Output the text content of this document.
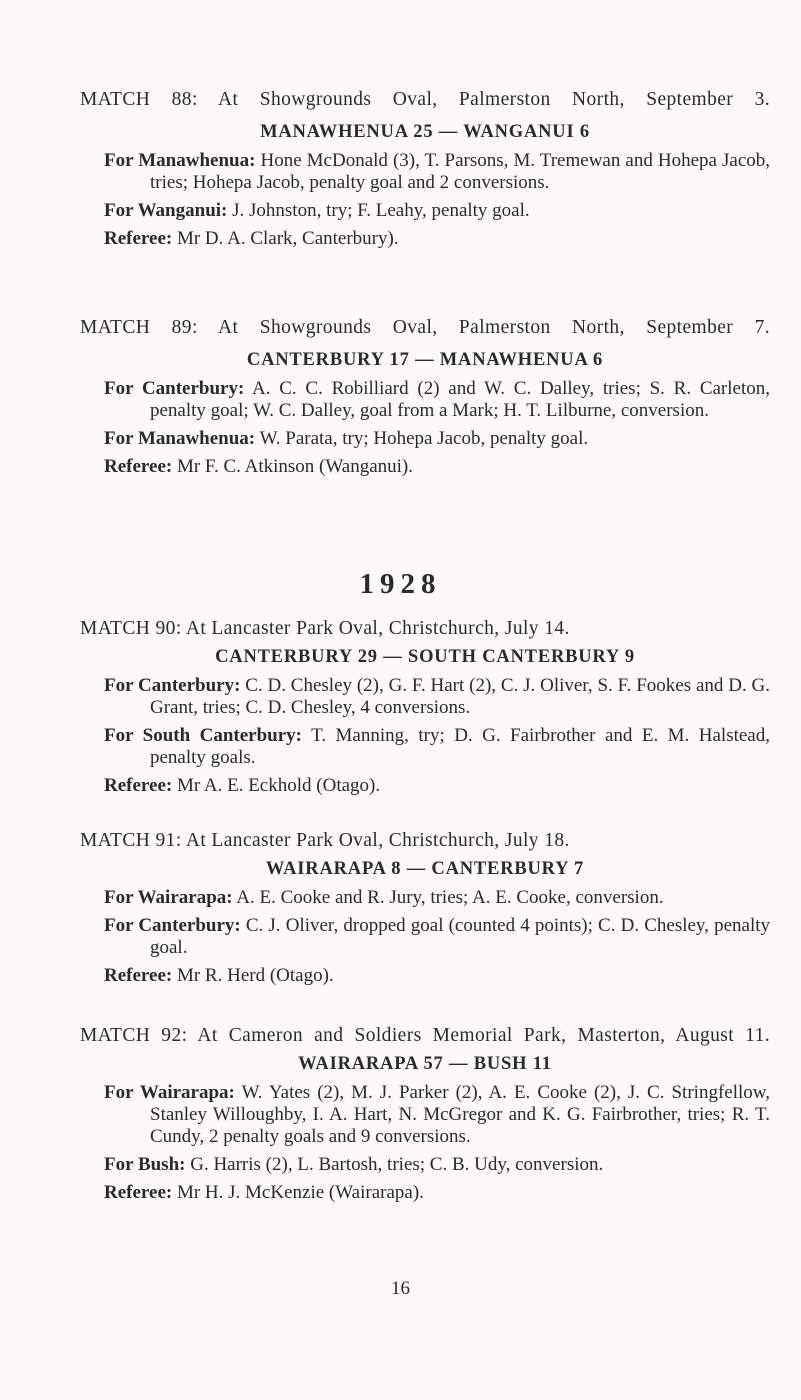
MATCH 88: At Showgrounds Oval, Palmerston North, September 3.
MANAWHENUA 25 — WANGANUI 6
For Manawhenua: Hone McDonald (3), T. Parsons, M. Tremewan and Hohepa Jacob, tries; Hohepa Jacob, penalty goal and 2 conversions.
For Wanganui: J. Johnston, try; F. Leahy, penalty goal.
Referee: Mr D. A. Clark, Canterbury).
MATCH 89: At Showgrounds Oval, Palmerston North, September 7.
CANTERBURY 17 — MANAWHENUA 6
For Canterbury: A. C. C. Robilliard (2) and W. C. Dalley, tries; S. R. Carleton, penalty goal; W. C. Dalley, goal from a Mark; H. T. Lilburne, conversion.
For Manawhenua: W. Parata, try; Hohepa Jacob, penalty goal.
Referee: Mr F. C. Atkinson (Wanganui).
1928
MATCH 90: At Lancaster Park Oval, Christchurch, July 14.
CANTERBURY 29 — SOUTH CANTERBURY 9
For Canterbury: C. D. Chesley (2), G. F. Hart (2), C. J. Oliver, S. F. Fookes and D. G. Grant, tries; C. D. Chesley, 4 conversions.
For South Canterbury: T. Manning, try; D. G. Fairbrother and E. M. Halstead, penalty goals.
Referee: Mr A. E. Eckhold (Otago).
MATCH 91: At Lancaster Park Oval, Christchurch, July 18.
WAIRARAPA 8 — CANTERBURY 7
For Wairarapa: A. E. Cooke and R. Jury, tries; A. E. Cooke, conversion.
For Canterbury: C. J. Oliver, dropped goal (counted 4 points); C. D. Chesley, penalty goal.
Referee: Mr R. Herd (Otago).
MATCH 92: At Cameron and Soldiers Memorial Park, Masterton, August 11.
WAIRARAPA 57 — BUSH 11
For Wairarapa: W. Yates (2), M. J. Parker (2), A. E. Cooke (2), J. C. Stringfellow, Stanley Willoughby, I. A. Hart, N. McGregor and K. G. Fairbrother, tries; R. T. Cundy, 2 penalty goals and 9 conversions.
For Bush: G. Harris (2), L. Bartosh, tries; C. B. Udy, conversion.
Referee: Mr H. J. McKenzie (Wairarapa).
16
